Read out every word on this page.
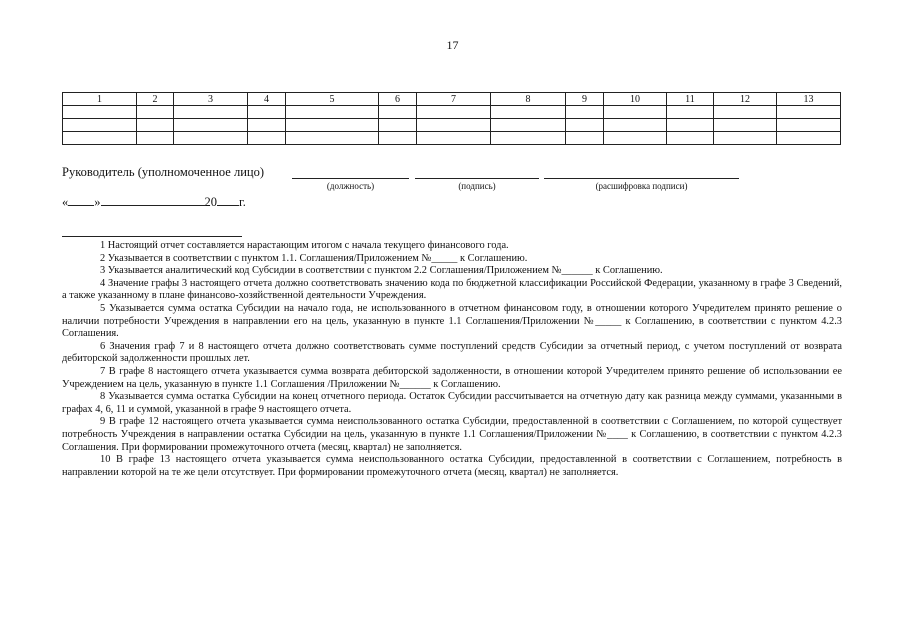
17
1	2	3	4	5	6	7	8	9	10	11	12	13

Руководитель (уполномоченное лицо)
(должность)	(подпись)	(расшифровка подписи)
« »	20 г.

1 Настоящий отчет составляется нарастающим итогом с начала текущего финансового года.

2 Указывается в соответствии с пунктом 1.1. Соглашения/Приложением №_____ к Соглашению.

3 Указывается аналитический код Субсидии в соответствии с пунктом 2.2 Соглашения/Приложением №______ к Соглашению.

4 Значение графы 3 настоящего отчета должно соответствовать значению кода по бюджетной классификации Российской Федерации, указанному в графе 3 Сведений, а также указанному в плане финансово-хозяйственной деятельности Учреждения.

5 Указывается сумма остатка Субсидии на начало года, не использованного в отчетном финансовом году, в отношении которого Учредителем принято решение о наличии потребности Учреждения в направлении его на цель, указанную в пункте 1.1 Соглашения/Приложении №_____ к Соглашению, в соответствии с пунктом 4.2.3 Соглашения.

6 Значения граф 7 и 8 настоящего отчета должно соответствовать сумме поступлений средств Субсидии за отчетный период, с учетом поступлений от возврата дебиторской задолженности прошлых лет.

7 В графе 8 настоящего отчета указывается сумма возврата дебиторской задолженности, в отношении которой Учредителем принято решение об использовании ее Учреждением на цель, указанную в пункте 1.1 Соглашения /Приложении №______ к Соглашению.

8 Указывается сумма остатка Субсидии на конец отчетного периода. Остаток Субсидии рассчитывается на отчетную дату как разница между суммами, указанными в графах 4, 6, 11 и суммой, указанной в графе 9 настоящего отчета.

9 В графе 12 настоящего отчета указывается сумма неиспользованного остатка Субсидии, предоставленной в соответствии с Соглашением, по которой существует потребность Учреждения в направлении остатка Субсидии на цель, указанную в пункте 1.1 Соглашения/Приложении №____ к Соглашению, в соответствии с пунктом 4.2.3 Соглашения. При формировании промежуточного отчета (месяц, квартал) не заполняется.

10 В графе 13 настоящего отчета указывается сумма неиспользованного остатка Субсидии, предоставленной в соответствии с Соглашением, потребность в направлении которой на те же цели отсутствует. При формировании промежуточного отчета (месяц, квартал) не заполняется.
